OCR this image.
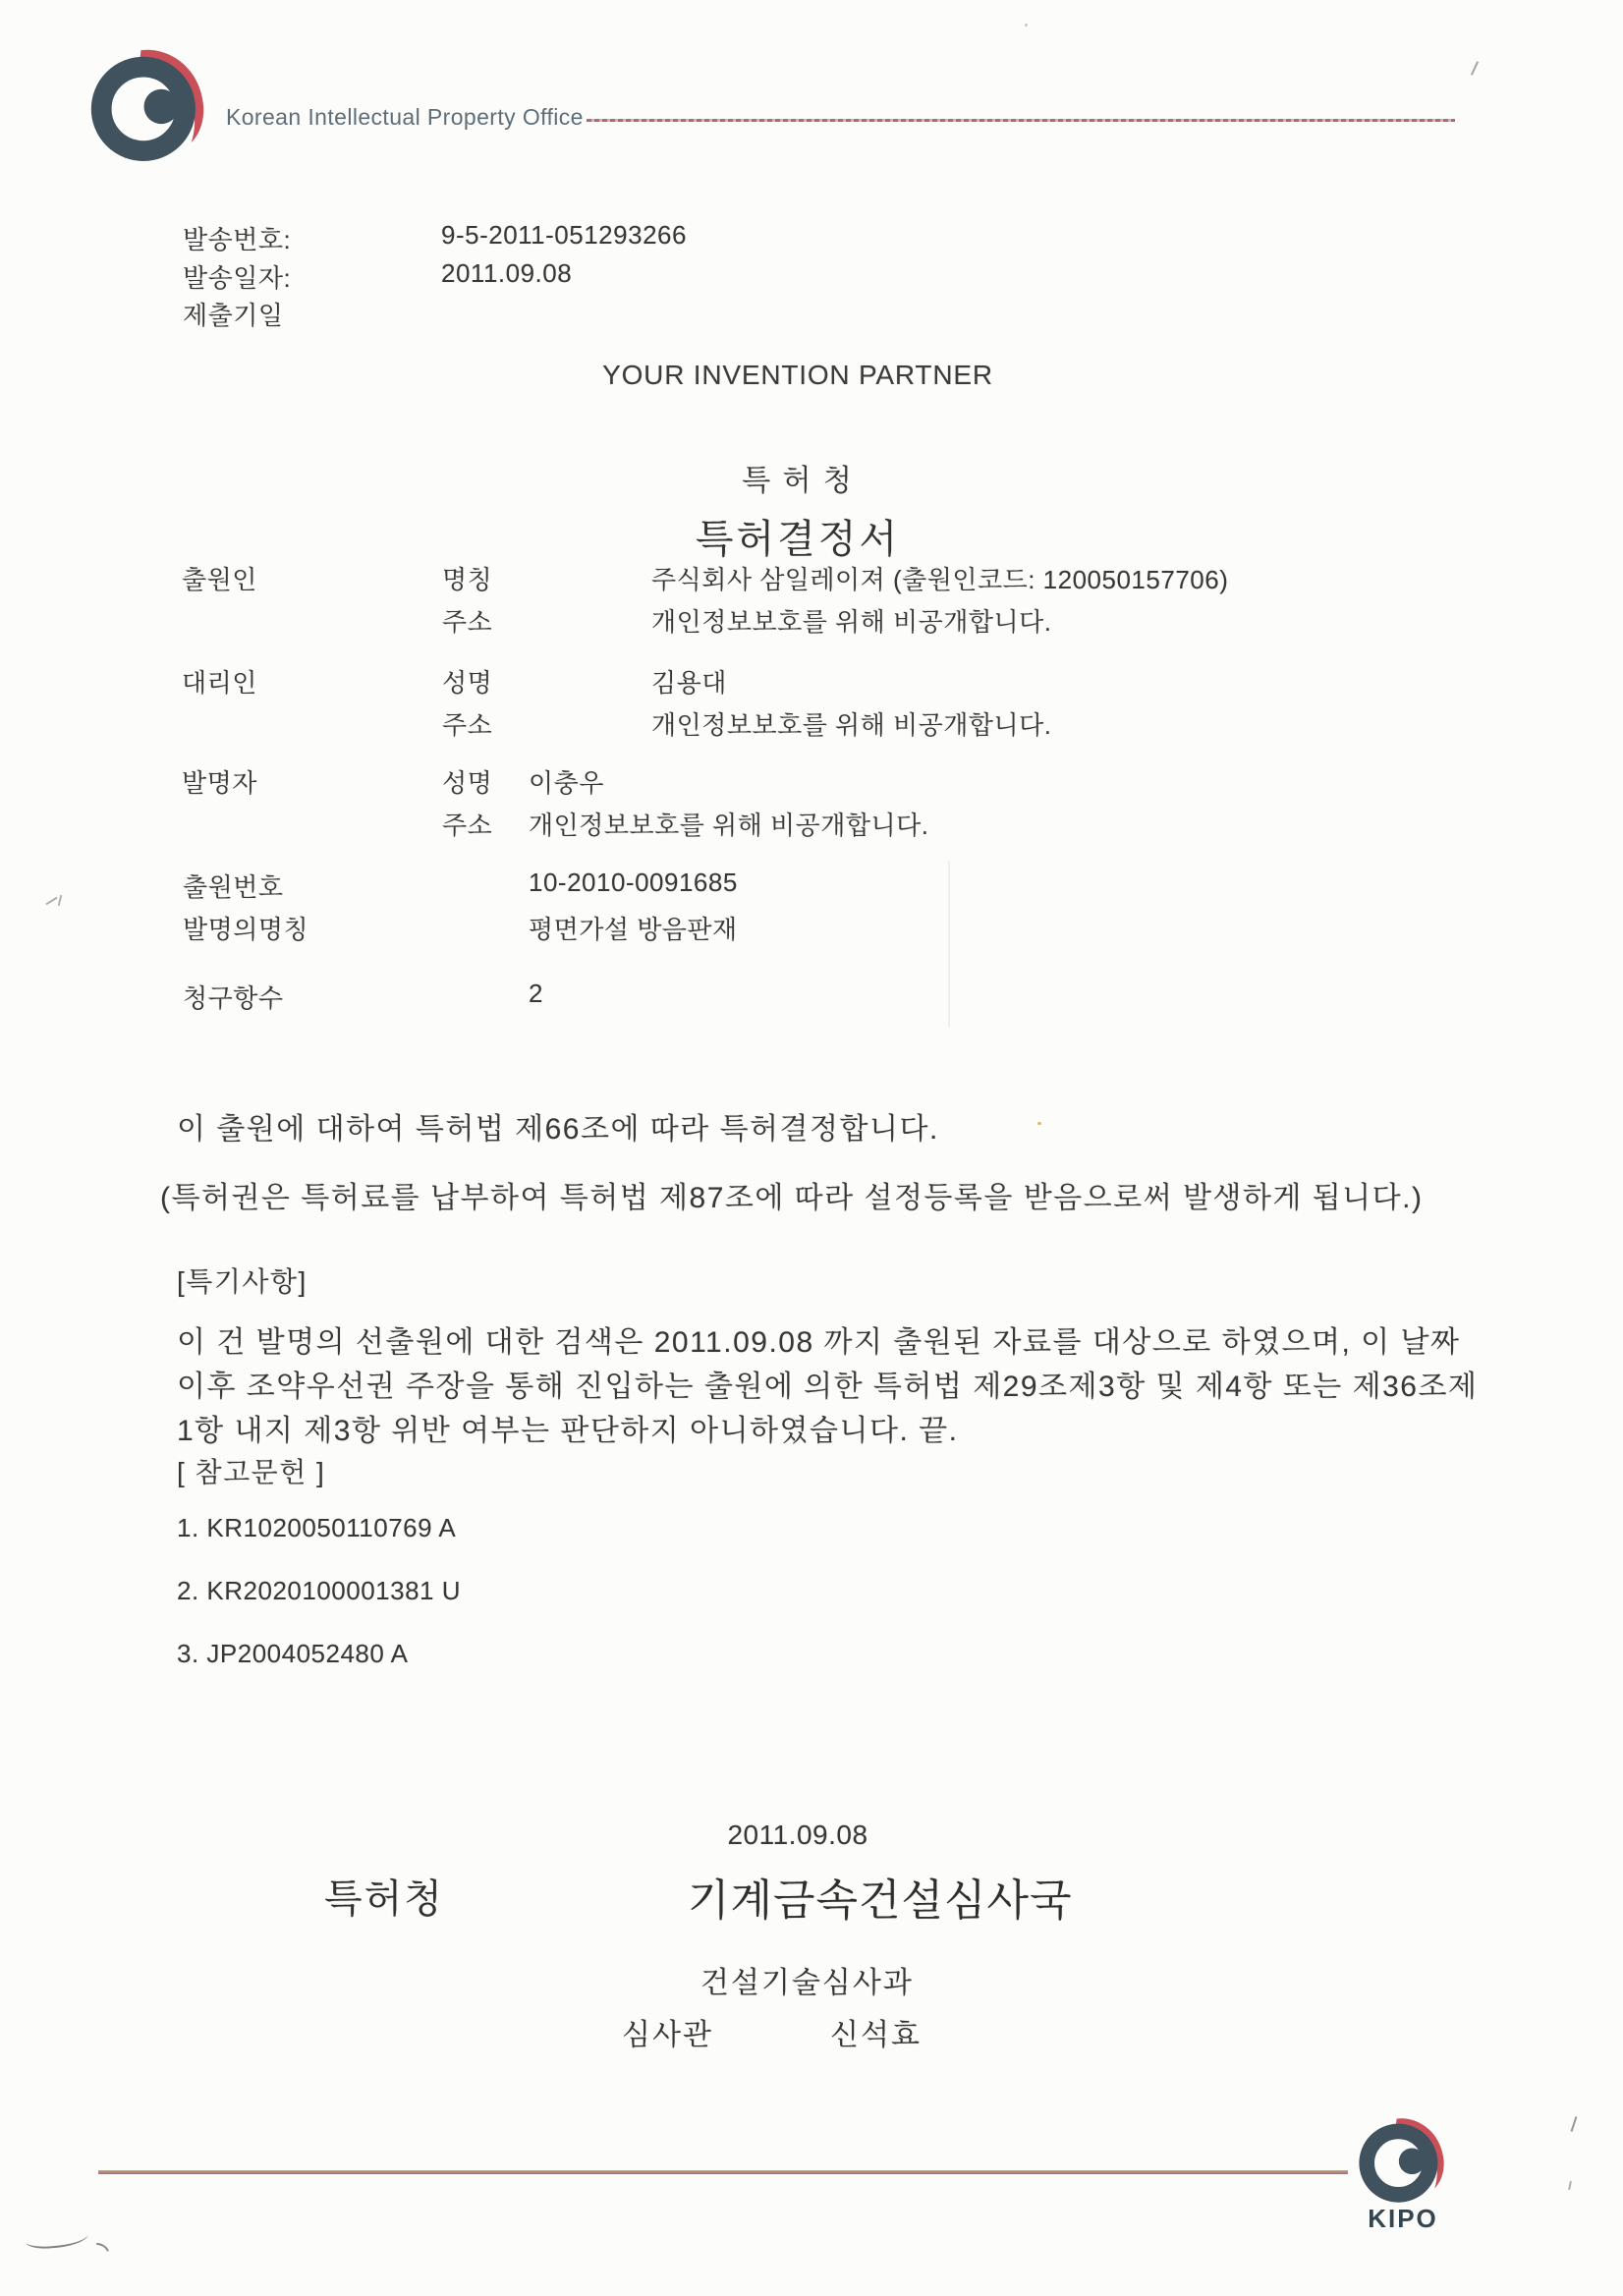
Korean Intellectual Property Office
발송번호:	9-5-2011-051293266
발송일자:	2011.09.08
제출기일
YOUR INVENTION PARTNER
특 허 청
특허결정서
출원인	명칭	주식회사 삼일레이져 (출원인코드: 120050157706)
주소	개인정보보호를 위해 비공개합니다.
대리인	성명	김용대
주소	개인정보보호를 위해 비공개합니다.
발명자	성명 이충우
주소 개인정보보호를 위해 비공개합니다.
출원번호	10-2010-0091685
발명의명칭	평면가설 방음판재
청구항수	2
이 출원에 대하여 특허법 제66조에 따라 특허결정합니다.
(특허권은 특허료를 납부하여 특허법 제87조에 따라 설정등록을 받음으로써 발생하게 됩니다.)
[특기사항]
이 건 발명의 선출원에 대한 검색은 2011.09.08 까지 출원된 자료를 대상으로 하였으며, 이 날짜
이후 조약우선권 주장을 통해 진입하는 출원에 의한 특허법 제29조제3항 및 제4항 또는 제36조제
1항 내지 제3항 위반 여부는 판단하지 아니하였습니다. 끝.
[ 참고문헌 ]
1. KR1020050110769 A
2. KR2020100001381 U
3. JP2004052480 A
2011.09.08
특허청	기계금속건설심사국
건설기술심사과
심사관	신석효
KIPO
